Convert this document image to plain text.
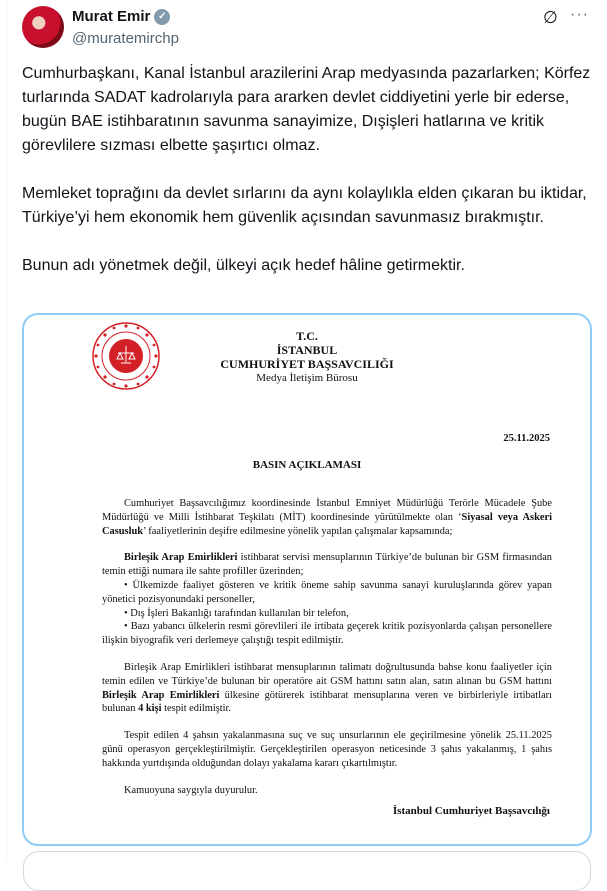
Murat Emir ✓
@muratemirchp
∅ ···

Cumhurbaşkanı, Kanal İstanbul arazilerini Arap medyasında pazarlarken; Körfez turlarında SADAT kadrolarıyla para ararken devlet ciddiyetini yerle bir ederse, bugün BAE istihbaratının savunma sanayimize, Dışişleri hatlarına ve kritik görevlilere sızması elbette şaşırtıcı olmaz.

Memleket toprağını da devlet sırlarını da aynı kolaylıkla elden çıkaran bu iktidar, Türkiye’yi hem ekonomik hem güvenlik açısından savunmasız bırakmıştır.

Bunun adı yönetmek değil, ülkeyi açık hedef hâline getirmektir.

T.C.
İSTANBUL
CUMHURİYET BAŞSAVCILIĞI
Medya İletişim Bürosu
25.11.2025
BASIN AÇIKLAMASI

Cumhuriyet Başsavcılığımız koordinesinde İstanbul Emniyet Müdürlüğü Terörle Mücadele Şube Müdürlüğü ve Milli İstihbarat Teşkilatı (MİT) koordinesinde yürütülmekte olan ‘Siyasal veya Askeri Casusluk’ faaliyetlerinin deşifre edilmesine yönelik yapılan çalışmalar kapsamında;

Birleşik Arap Emirlikleri istihbarat servisi mensuplarının Türkiye’de bulunan bir GSM firmasından temin ettiği numara ile sahte profiller üzerinden;

• Ülkemizde faaliyet gösteren ve kritik öneme sahip savunma sanayi kuruluşlarında görev yapan yönetici pozisyonundaki personeller,

• Dış İşleri Bakanlığı tarafından kullanılan bir telefon,

• Bazı yabancı ülkelerin resmi görevlileri ile irtibata geçerek kritik pozisyonlarda çalışan personellere ilişkin biyografik veri derlemeye çalıştığı tespit edilmiştir.

Birleşik Arap Emirlikleri istihbarat mensuplarının talimatı doğrultusunda bahse konu faaliyetler için temin edilen ve Türkiye’de bulunan bir operatöre ait GSM hattını satın alan, satın alınan bu GSM hattını Birleşik Arap Emirlikleri ülkesine götürerek istihbarat mensuplarına veren ve birbirleriyle irtibatları bulunan 4 kişi tespit edilmiştir.

Tespit edilen 4 şahsın yakalanmasına suç ve suç unsurlarının ele geçirilmesine yönelik 25.11.2025 günü operasyon gerçekleştirilmiştir. Gerçekleştirilen operasyon neticesinde 3 şahıs yakalanmış, 1 şahıs hakkında yurtdışında olduğundan dolayı yakalama kararı çıkartılmıştır.

Kamuoyuna saygıyla duyurulur.

İstanbul Cumhuriyet Başsavcılığı
